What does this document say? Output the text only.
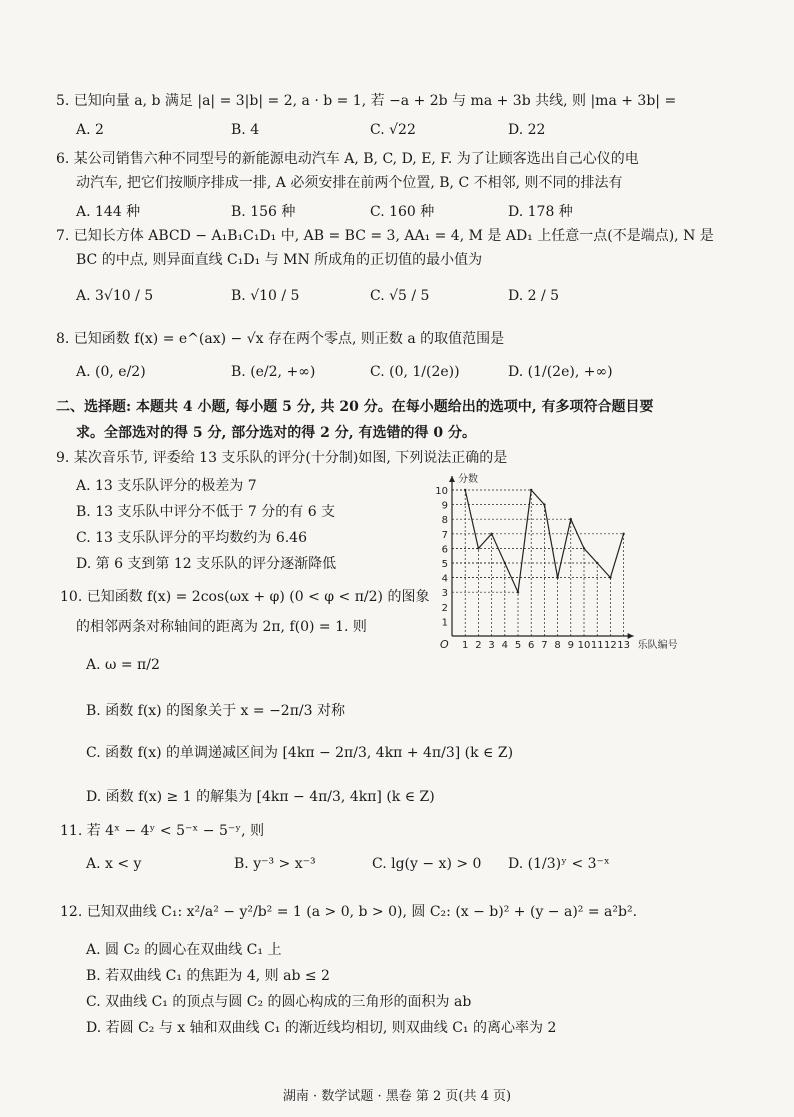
5. 已知向量 a, b 满足 |a| = 3|b| = 2, a · b = 1, 若 −a + 2b 与 ma + 3b 共线, 则 |ma + 3b| =
A. 2	B. 4	C. √22	D. 22
6. 某公司销售六种不同型号的新能源电动汽车 A, B, C, D, E, F. 为了让顾客选出自己心仪的电
动汽车, 把它们按顺序排成一排, A 必须安排在前两个位置, B, C 不相邻, 则不同的排法有
A. 144 种	B. 156 种	C. 160 种	D. 178 种
7. 已知长方体 ABCD − A₁B₁C₁D₁ 中, AB = BC = 3, AA₁ = 4, M 是 AD₁ 上任意一点(不是端点), N 是
BC 的中点, 则异面直线 C₁D₁ 与 MN 所成角的正切值的最小值为
A. 3√10 / 5	B. √10 / 5	C. √5 / 5	D. 2 / 5
8. 已知函数 f(x) = e^(ax) − √x 存在两个零点, 则正数 a 的取值范围是
A. (0, e/2)	B. (e/2, +∞)	C. (0, 1/(2e))	D. (1/(2e), +∞)
二、选择题: 本题共 4 小题, 每小题 5 分, 共 20 分。在每小题给出的选项中, 有多项符合题目要
求。全部选对的得 5 分, 部分选对的得 2 分, 有选错的得 0 分。
9. 某次音乐节, 评委给 13 支乐队的评分(十分制)如图, 下列说法正确的是
A. 13 支乐队评分的极差为 7
B. 13 支乐队中评分不低于 7 分的有 6 支
C. 13 支乐队评分的平均数约为 6.46
D. 第 6 支到第 12 支乐队的评分逐渐降低
分数
乐队编号
O
1
2
3
4
5
6
7
8
9
10
1 2 3 4 5 6 7 8 9 10 11 12 13
10. 已知函数 f(x) = 2cos(ωx + φ) (0 < φ < π/2) 的图象
的相邻两条对称轴间的距离为 2π, f(0) = 1. 则
A. ω = π/2
B. 函数 f(x) 的图象关于 x = −2π/3 对称
C. 函数 f(x) 的单调递减区间为 [4kπ − 2π/3, 4kπ + 4π/3] (k ∈ Z)
D. 函数 f(x) ≥ 1 的解集为 [4kπ − 4π/3, 4kπ] (k ∈ Z)
11. 若 4ˣ − 4ʸ < 5⁻ˣ − 5⁻ʸ, 则
A. x < y	B. y⁻³ > x⁻³	C. lg(y − x) > 0 D. (1/3)ʸ < 3⁻ˣ
12. 已知双曲线 C₁: x²/a² − y²/b² = 1 (a > 0, b > 0), 圆 C₂: (x − b)² + (y − a)² = a²b².
A. 圆 C₂ 的圆心在双曲线 C₁ 上
B. 若双曲线 C₁ 的焦距为 4, 则 ab ≤ 2
C. 双曲线 C₁ 的顶点与圆 C₂ 的圆心构成的三角形的面积为 ab
D. 若圆 C₂ 与 x 轴和双曲线 C₁ 的渐近线均相切, 则双曲线 C₁ 的离心率为 2
湖南 · 数学试题 · 黑卷 第 2 页(共 4 页)
